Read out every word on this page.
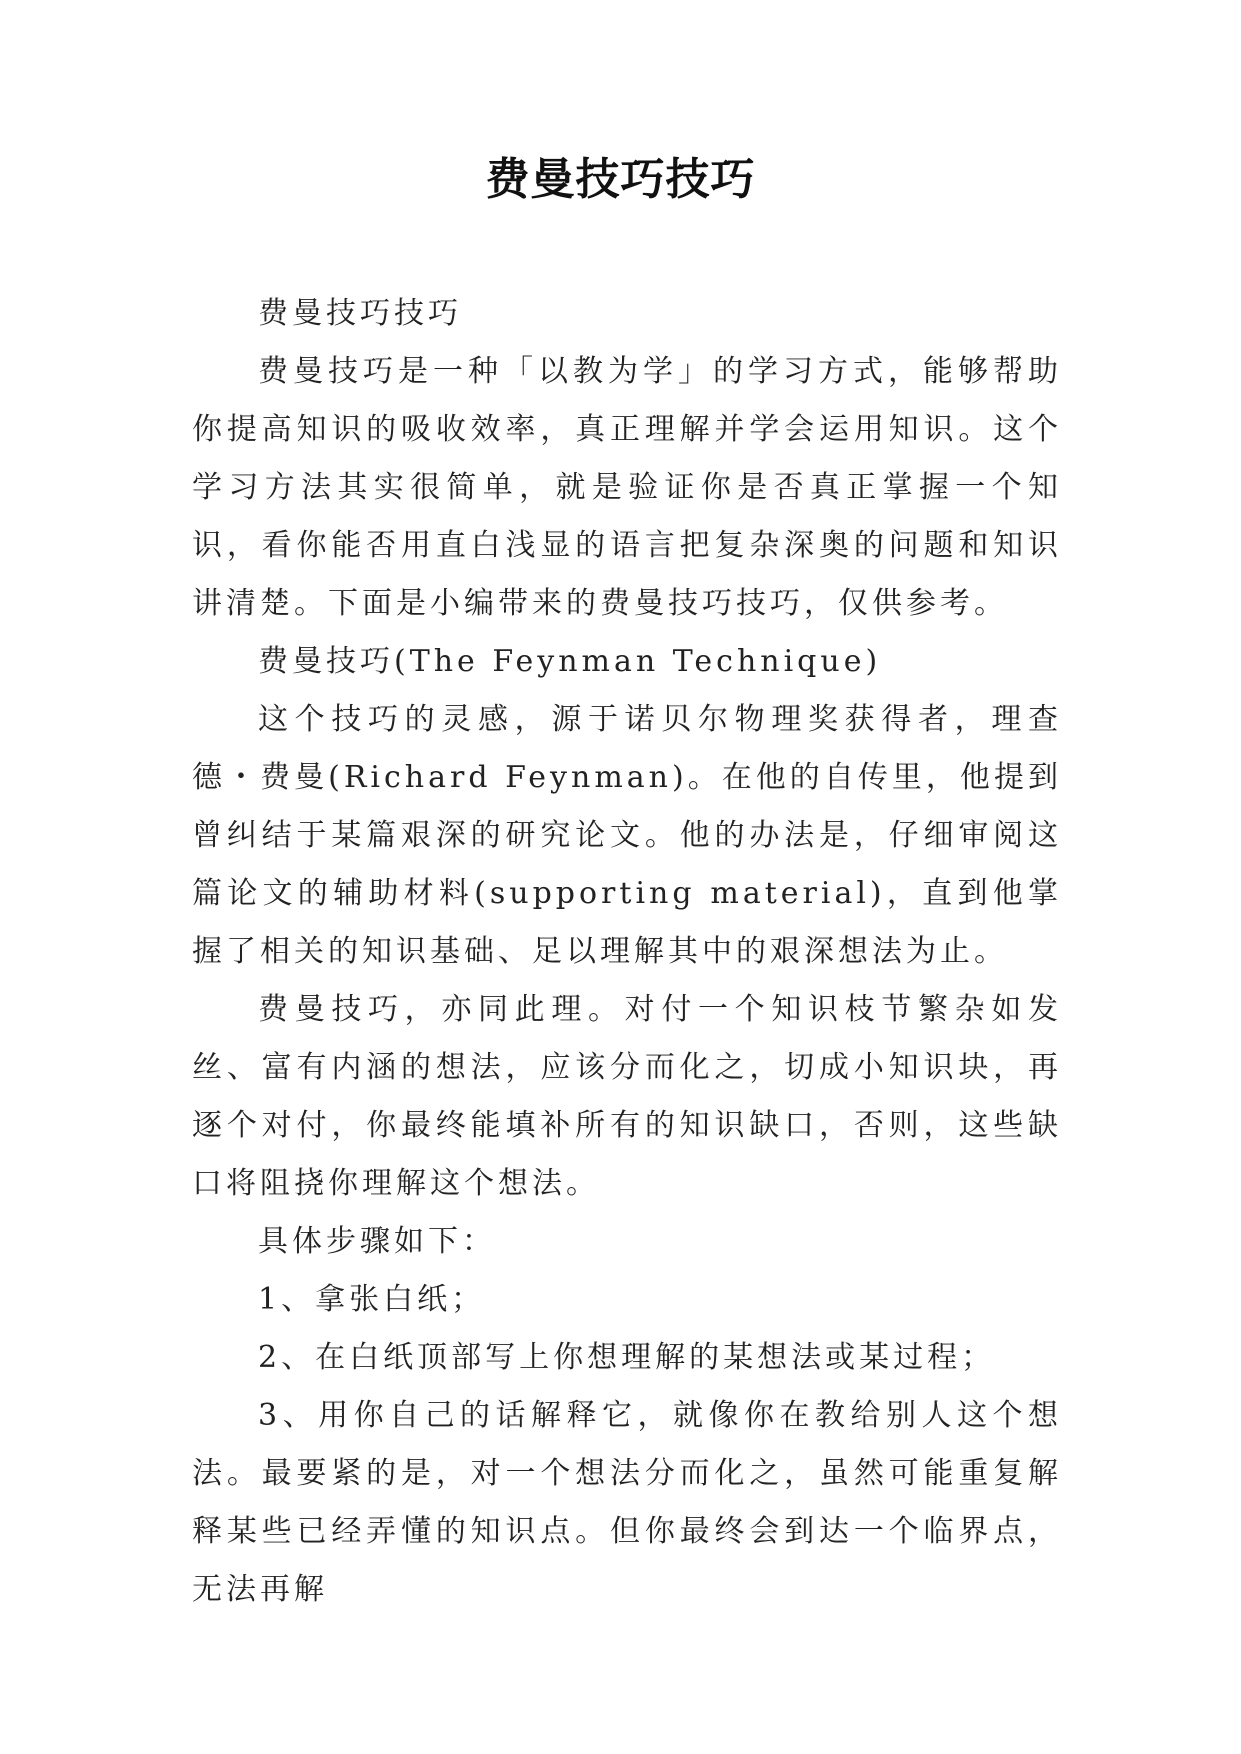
费曼技巧技巧

费曼技巧技巧

费曼技巧是一种「以教为学」的学习方式，能够帮助你提高知识的吸收效率，真正理解并学会运用知识。这个学习方法其实很简单，就是验证你是否真正掌握一个知识，看你能否用直白浅显的语言把复杂深奥的问题和知识讲清楚。下面是小编带来的费曼技巧技巧，仅供参考。

费曼技巧(The Feynman Technique)

这个技巧的灵感，源于诺贝尔物理奖获得者，理查德・费曼(Richard Feynman)。在他的自传里，他提到曾纠结于某篇艰深的研究论文。他的办法是，仔细审阅这篇论文的辅助材料(supporting material)，直到他掌握了相关的知识基础、足以理解其中的艰深想法为止。

费曼技巧，亦同此理。对付一个知识枝节繁杂如发丝、富有内涵的想法，应该分而化之，切成小知识块，再逐个对付，你最终能填补所有的知识缺口，否则，这些缺口将阻挠你理解这个想法。

具体步骤如下：

1、拿张白纸；

2、在白纸顶部写上你想理解的某想法或某过程；

3、用你自己的话解释它，就像你在教给别人这个想法。最要紧的是，对一个想法分而化之，虽然可能重复解释某些已经弄懂的知识点。但你最终会到达一个临界点，无法再解
